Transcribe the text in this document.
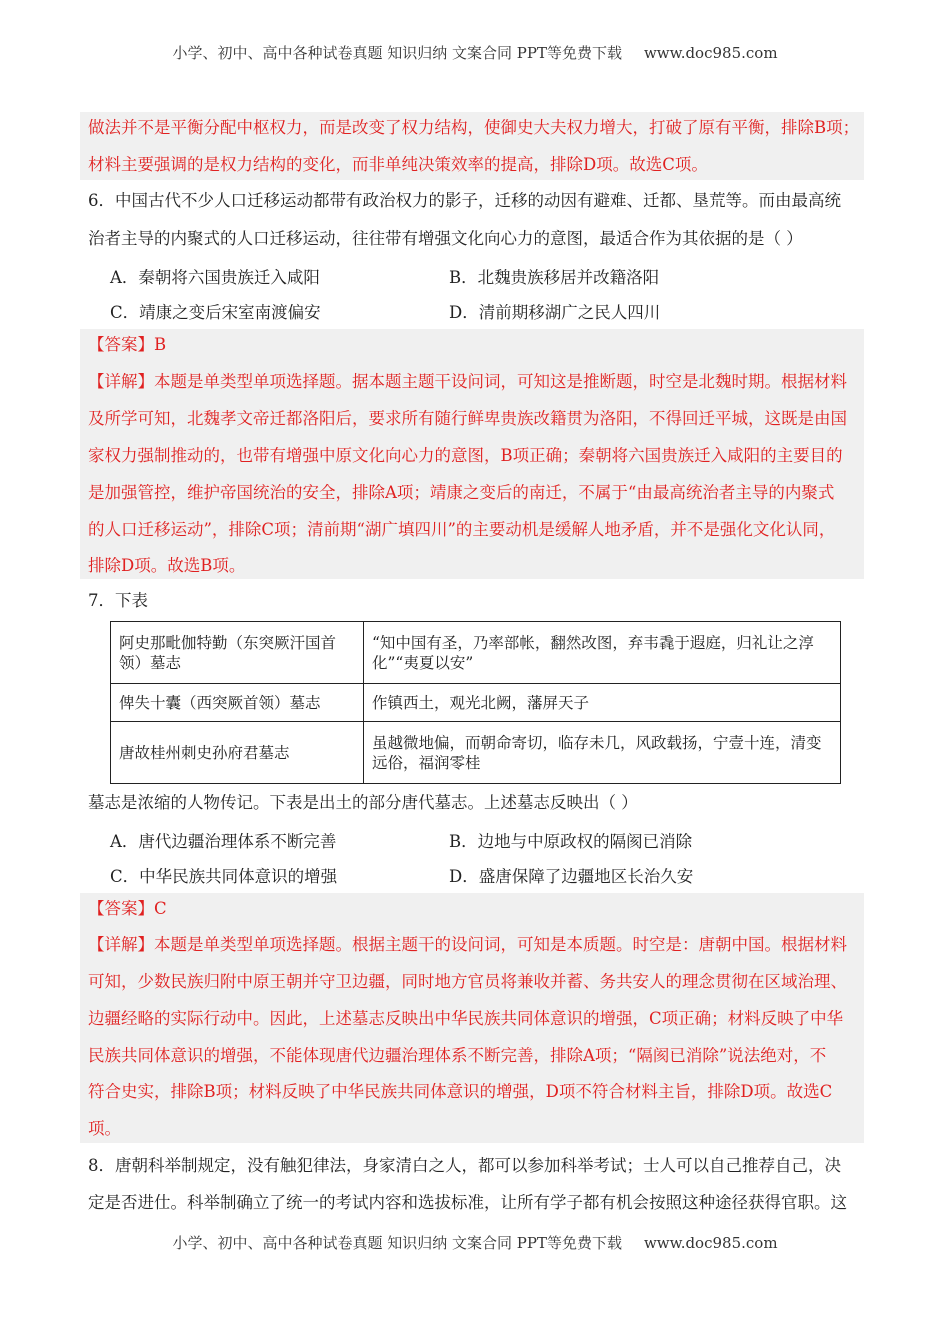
小学、初中、高中各种试卷真题 知识归纳 文案合同 PPT等免费下载 www.doc985.com
做法并不是平衡分配中枢权力，而是改变了权力结构，使御史大夫权力增大，打破了原有平衡，排除B项；
材料主要强调的是权力结构的变化，而非单纯决策效率的提高，排除D项。故选C项。
6．中国古代不少人口迁移运动都带有政治权力的影子，迁移的动因有避难、迁都、垦荒等。而由最高统
治者主导的内聚式的人口迁移运动，往往带有增强文化向心力的意图，最适合作为其依据的是（ ）
A．秦朝将六国贵族迁入咸阳	B．北魏贵族移居并改籍洛阳
C．靖康之变后宋室南渡偏安	D．清前期移湖广之民人四川
【答案】B
【详解】本题是单类型单项选择题。据本题主题干设问词，可知这是推断题，时空是北魏时期。根据材料
及所学可知，北魏孝文帝迁都洛阳后，要求所有随行鲜卑贵族改籍贯为洛阳，不得回迁平城，这既是由国
家权力强制推动的，也带有增强中原文化向心力的意图，B项正确；秦朝将六国贵族迁入咸阳的主要目的
是加强管控，维护帝国统治的安全，排除A项；靖康之变后的南迁，不属于“由最高统治者主导的内聚式
的人口迁移运动”，排除C项；清前期“湖广填四川”的主要动机是缓解人地矛盾，并不是强化文化认同，
排除D项。故选B项。
7．下表
阿史那毗伽特勤（东突厥汗国首领）墓志	“知中国有圣，乃率部帐，翻然改图，弃韦毳于遐庭，归礼让之淳化”“夷夏以安”
俾失十囊（西突厥首领）墓志	作镇西土，观光北阙，藩屏天子
唐故桂州刺史孙府君墓志	虽越微地偏，而朝命寄切，临存未几，风政载扬，宁壹十连，清变远俗，福润零桂
墓志是浓缩的人物传记。下表是出土的部分唐代墓志。上述墓志反映出（ ）
A．唐代边疆治理体系不断完善	B．边地与中原政权的隔阂已消除
C．中华民族共同体意识的增强	D．盛唐保障了边疆地区长治久安
【答案】C
【详解】本题是单类型单项选择题。根据主题干的设问词，可知是本质题。时空是：唐朝中国。根据材料
可知，少数民族归附中原王朝并守卫边疆，同时地方官员将兼收并蓄、务共安人的理念贯彻在区域治理、
边疆经略的实际行动中。因此，上述墓志反映出中华民族共同体意识的增强，C项正确；材料反映了中华
民族共同体意识的增强，不能体现唐代边疆治理体系不断完善，排除A项；“隔阂已消除”说法绝对，不
符合史实，排除B项；材料反映了中华民族共同体意识的增强，D项不符合材料主旨，排除D项。故选C
项。
8．唐朝科举制规定，没有触犯律法，身家清白之人，都可以参加科举考试；士人可以自己推荐自己，决
定是否进仕。科举制确立了统一的考试内容和选拔标准，让所有学子都有机会按照这种途径获得官职。这
小学、初中、高中各种试卷真题 知识归纳 文案合同 PPT等免费下载 www.doc985.com
